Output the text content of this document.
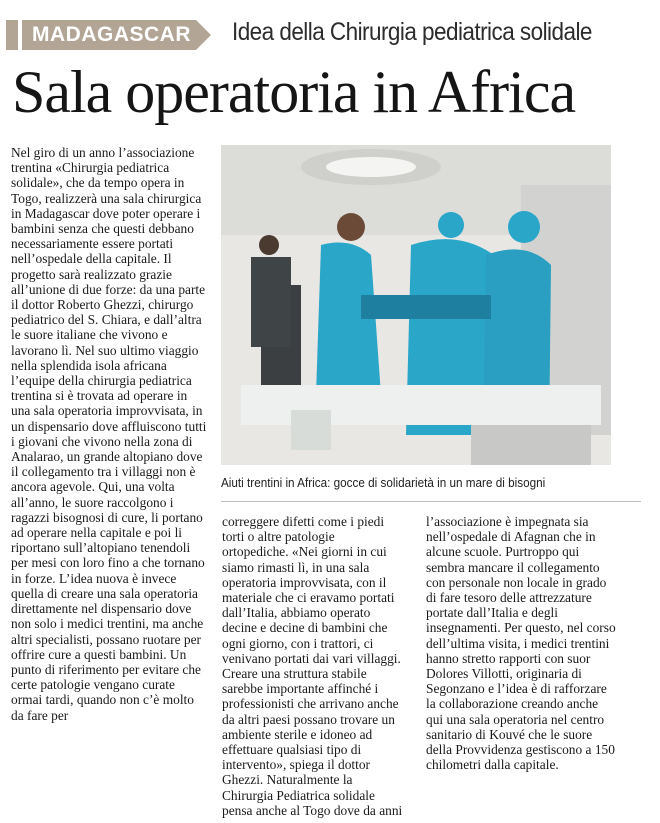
MADAGASCAR Idea della Chirurgia pediatrica solidale
Sala operatoria in Africa

Nel giro di un anno l’associazione trentina «Chirurgia pediatrica solidale», che da tempo opera in Togo, realizzerà una sala chirurgica in Madagascar dove poter operare i bambini senza che questi debbano necessariamente essere portati nell’ospedale della capitale. Il progetto sarà realizzato grazie all’unione di due forze: da una parte il dottor Roberto Ghezzi, chirurgo pediatrico del S. Chiara, e dall’altra le suore italiane che vivono e lavorano lì. Nel suo ultimo viaggio nella splendida isola africana l’equipe della chirurgia pediatrica trentina si è trovata ad operare in una sala operatoria improvvisata, in un dispensario dove affluiscono tutti i giovani che vivono nella zona di Analarao, un grande altopiano dove il collegamento tra i villaggi non è ancora agevole. Qui, una volta all’anno, le suore raccolgono i ragazzi bisognosi di cure, li portano ad operare nella capitale e poi li riportano sull’altopiano tenendoli per mesi con loro fino a che tornano in forze. L’idea nuova è invece quella di creare una sala operatoria direttamente nel dispensario dove non solo i medici trentini, ma anche altri specialisti, possano ruotare per offrire cure a questi bambini. Un punto di riferimento per evitare che certe patologie vengano curate ormai tardi, quando non c’è molto da fare per

Aiuti trentini in Africa: gocce di solidarietà in un mare di bisogni

correggere difetti come i piedi torti o altre patologie ortopediche. «Nei giorni in cui siamo rimasti lì, in una sala operatoria improvvisata, con il materiale che ci eravamo portati dall’Italia, abbiamo operato decine e decine di bambini che ogni giorno, con i trattori, ci venivano portati dai vari villaggi. Creare una struttura stabile sarebbe importante affinché i professionisti che arrivano anche da altri paesi possano trovare un ambiente sterile e idoneo ad effettuare qualsiasi tipo di intervento», spiega il dottor Ghezzi. Naturalmente la Chirurgia Pediatrica solidale pensa anche al Togo dove da anni

l’associazione è impegnata sia nell’ospedale di Afagnan che in alcune scuole. Purtroppo qui sembra mancare il collegamento con personale non locale in grado di fare tesoro delle attrezzature portate dall’Italia e degli insegnamenti. Per questo, nel corso dell’ultima visita, i medici trentini hanno stretto rapporti con suor Dolores Villotti, originaria di Segonzano e l’idea è di rafforzare la collaborazione creando anche qui una sala operatoria nel centro sanitario di Kouvé che le suore della Provvidenza gestiscono a 150 chilometri dalla capitale.
